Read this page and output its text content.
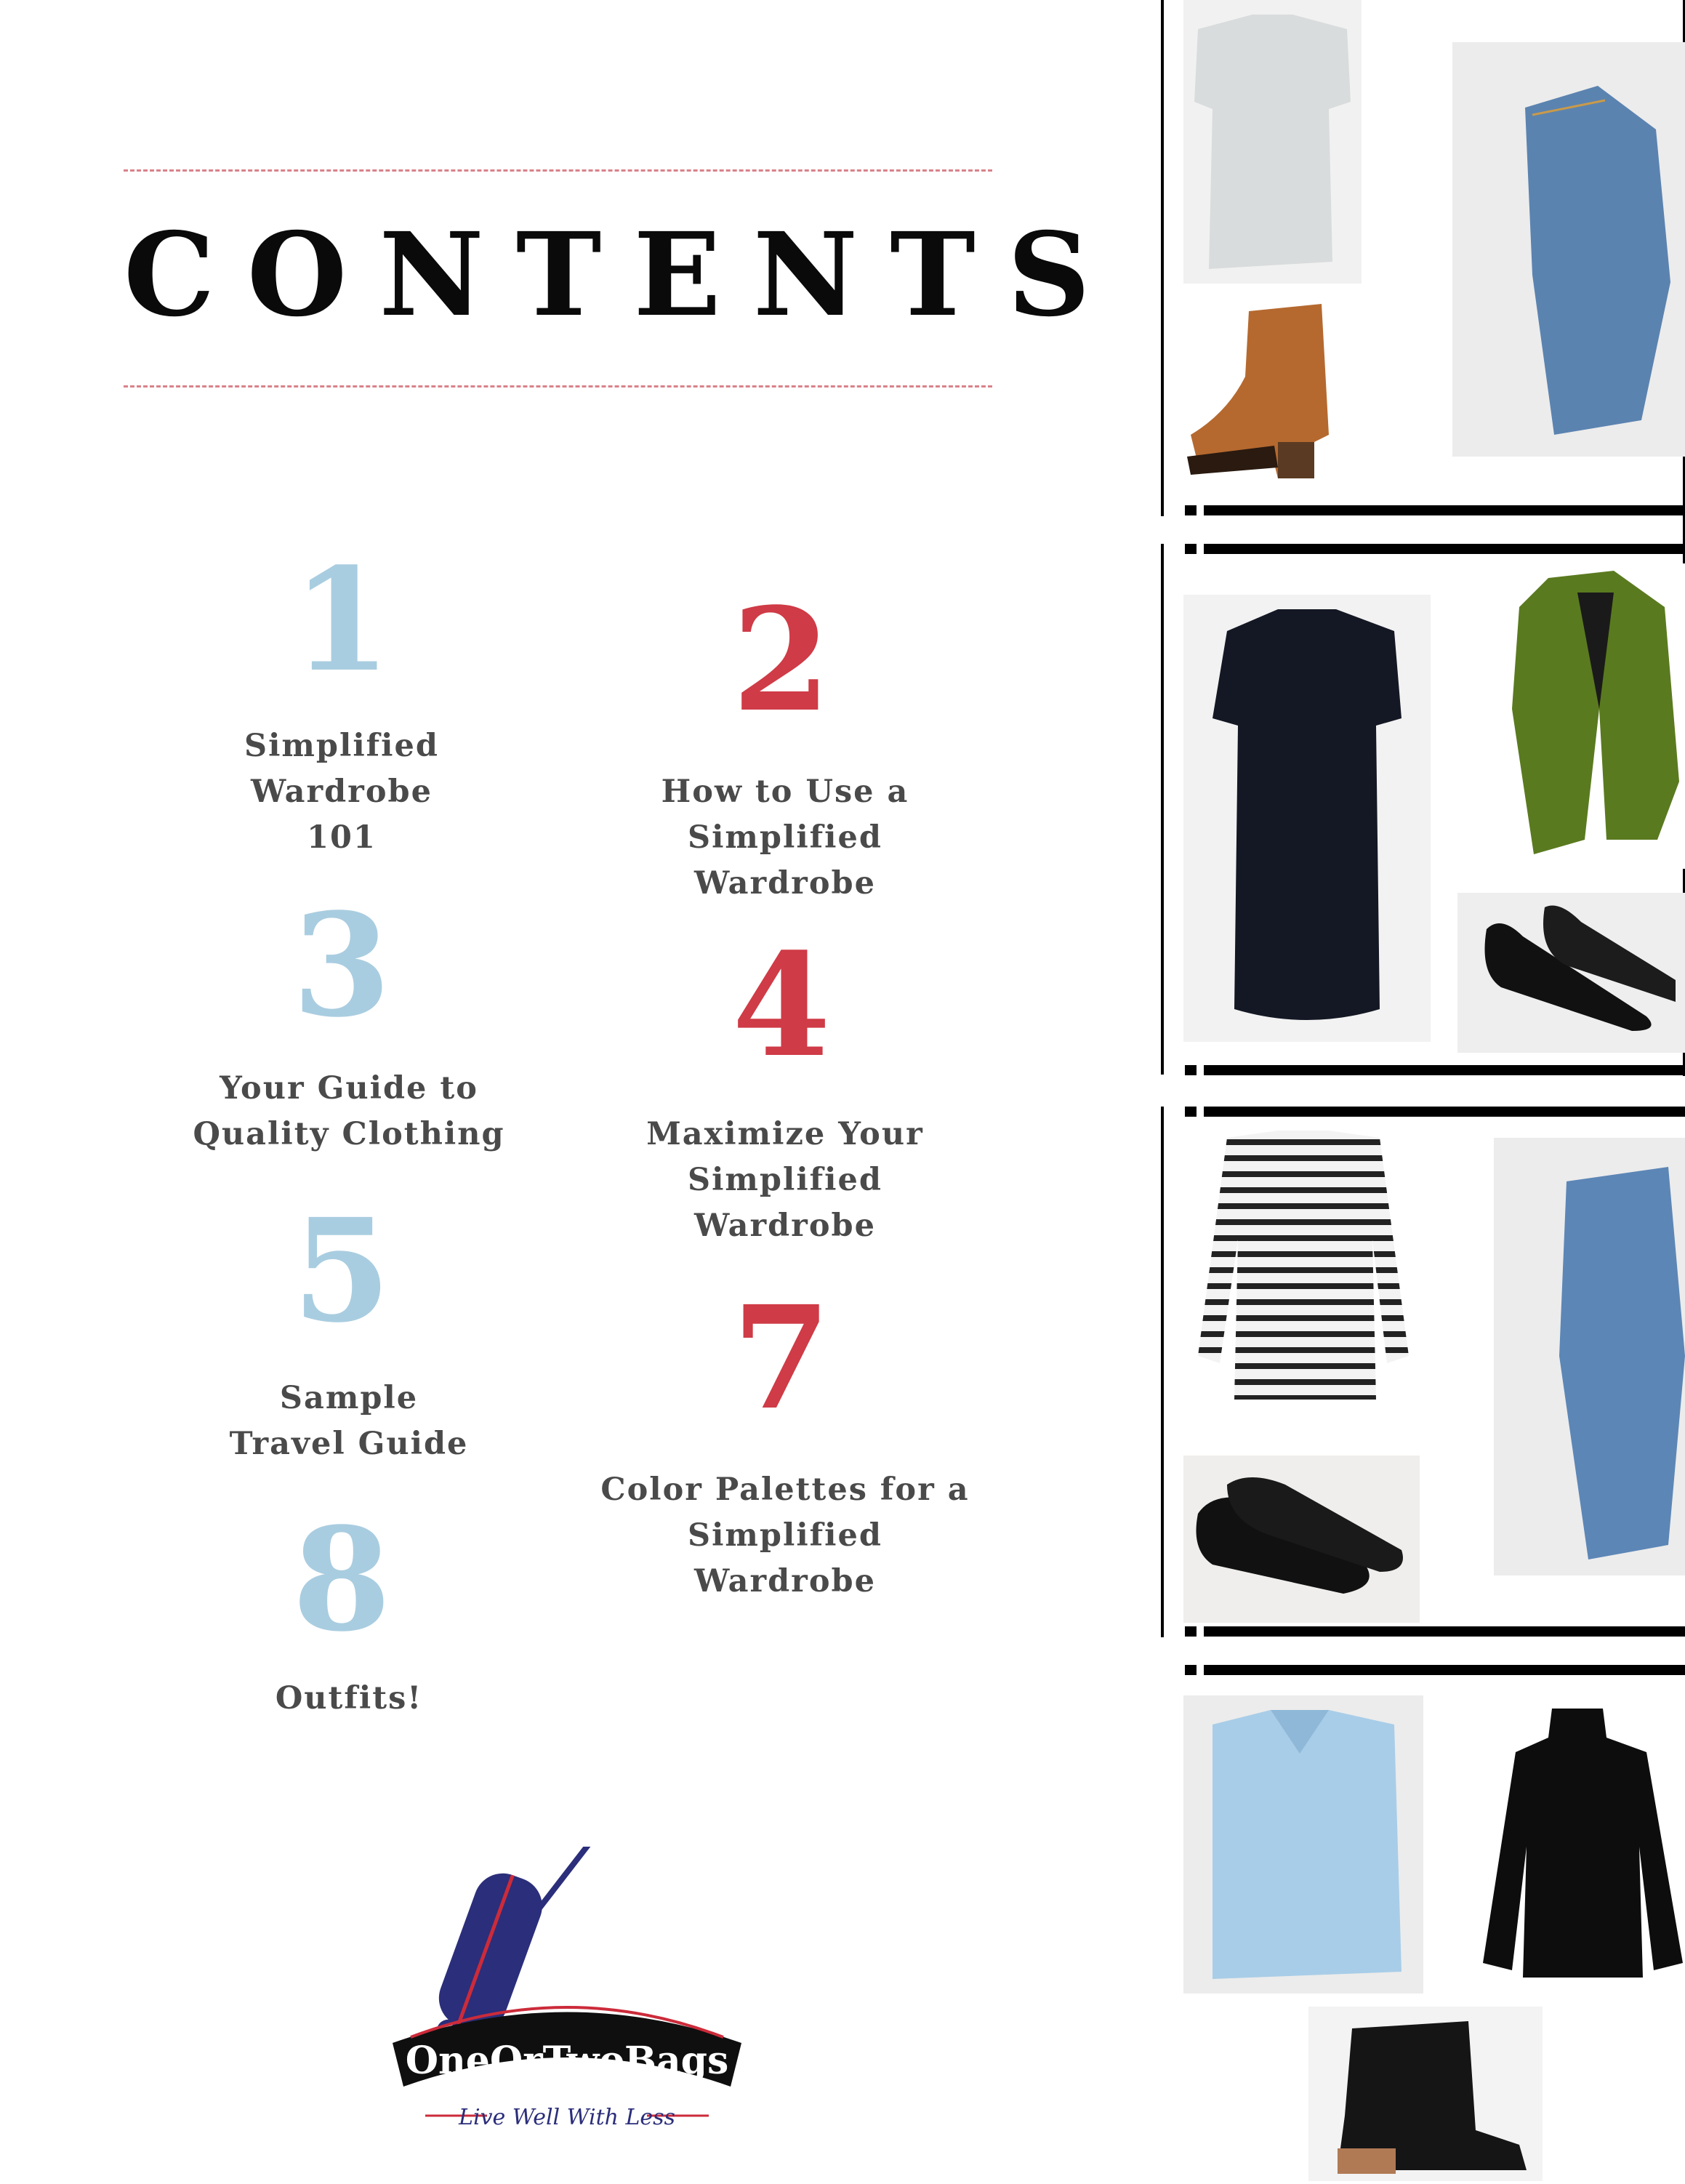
CONTENTS
1
Simplified
Wardrobe
101
2
How to Use a
Simplified
Wardrobe
3
Your Guide to
Quality Clothing
4
Maximize Your
Simplified
Wardrobe
5
Sample
Travel Guide
7
Color Palettes for a
Simplified
Wardrobe
8
Outfits!
OneOrTwoBags
Live Well With Less
